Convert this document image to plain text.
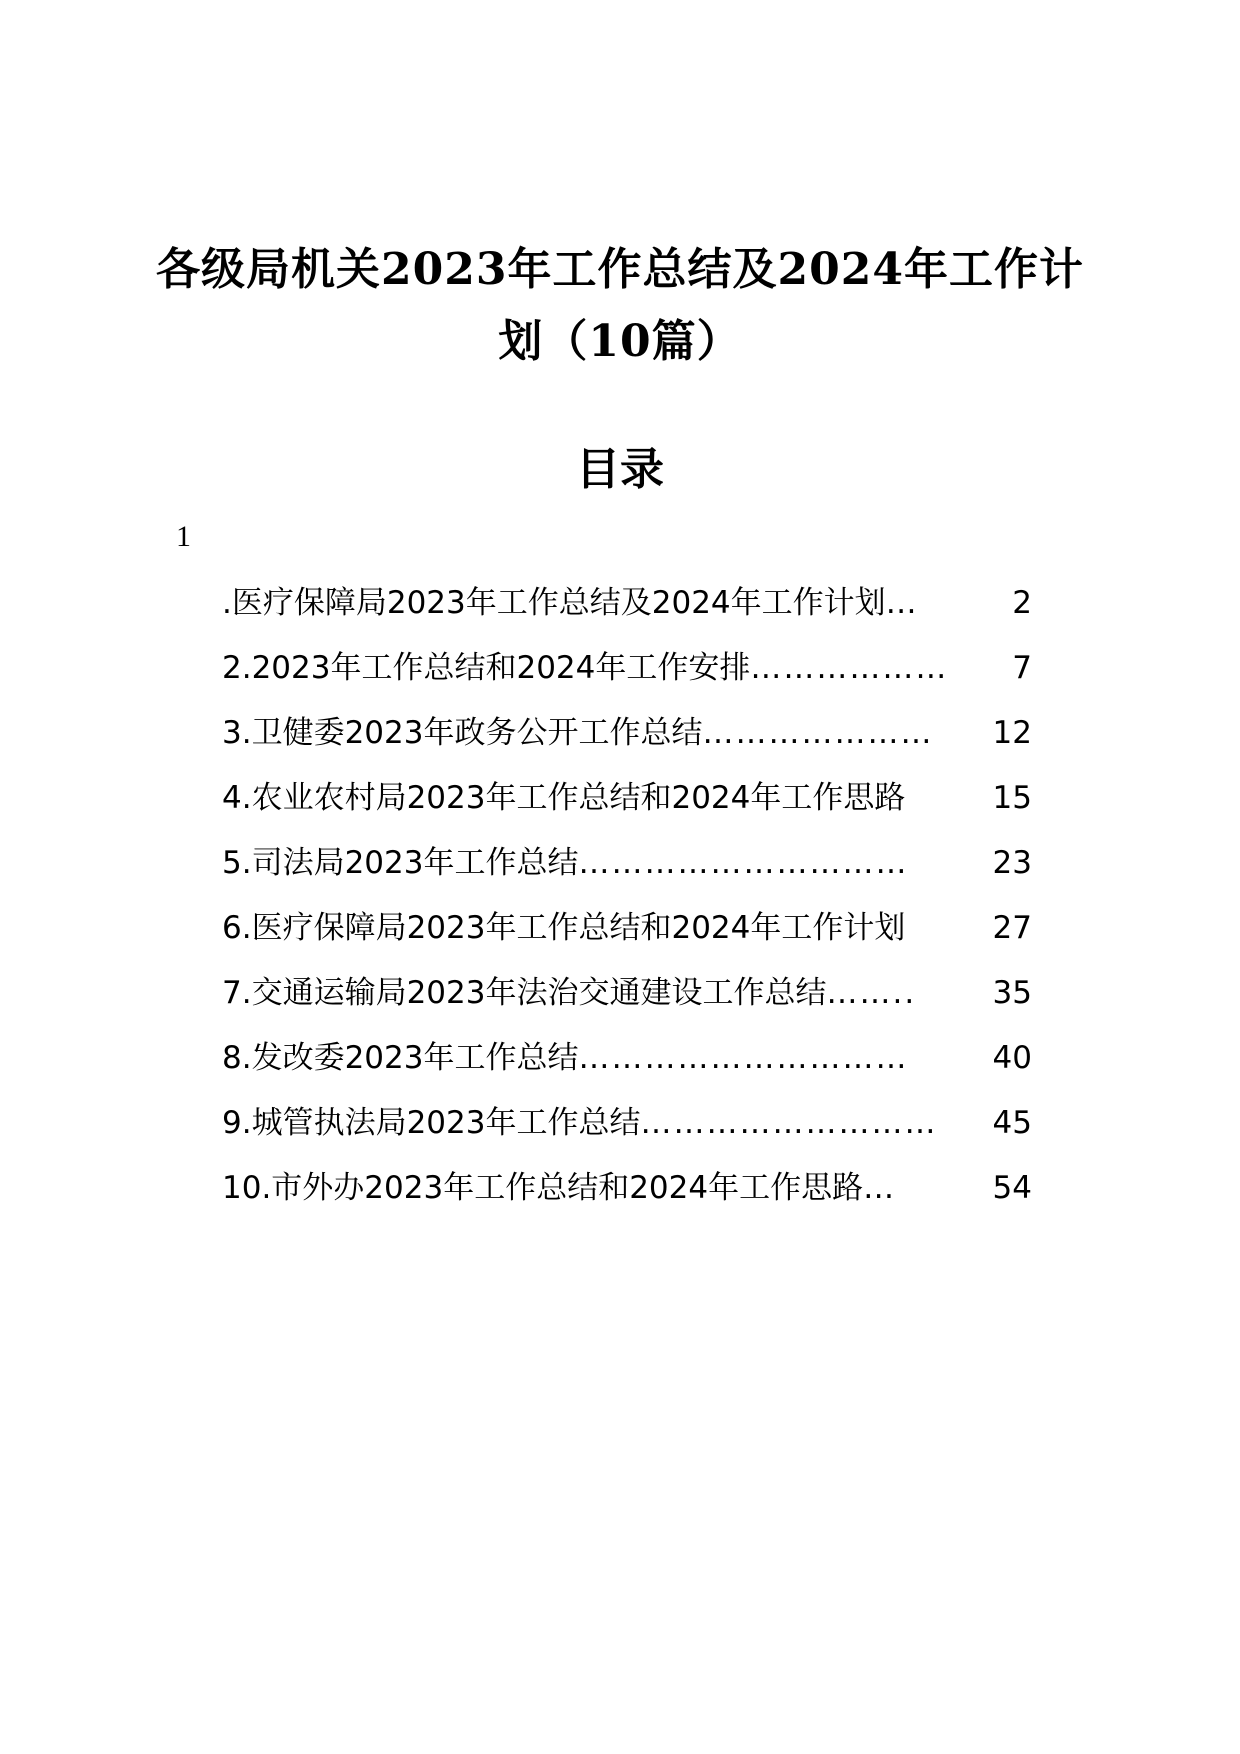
各级局机关2023年工作总结及2024年工作计
划（10篇）
目录
1
.医疗保障局2023年工作总结及2024年工作计划 …	2
2.2023年工作总结和2024年工作安排 ………………	7
3.卫健委2023年政务公开工作总结 …………………	12
4.农业农村局2023年工作总结和2024年工作思路	15
5.司法局2023年工作总结 …………………………	23
6.医疗保障局2023年工作总结和2024年工作计划	27
7.交通运输局2023年法治交通建设工作总结 ……..	35
8.发改委2023年工作总结 …………………………	40
9.城管执法局2023年工作总结 ………………………	45
10.市外办2023年工作总结和2024年工作思路 …	54
